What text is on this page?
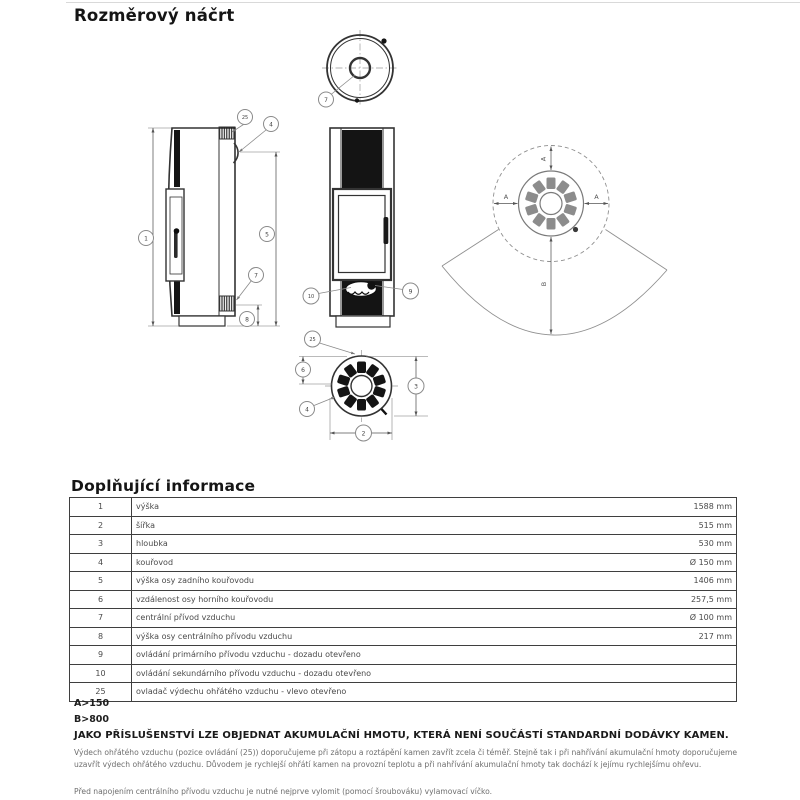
Rozměrový náčrt
7
1
5
25
4
7
8
10
9
3
2
6
25
4
A
A	A
B
Doplňující informace
1	výška	1588 mm
2	šířka	515 mm
3	hloubka	530 mm
4	kouřovod	Ø 150 mm
5	výška osy zadního kouřovodu	1406 mm
6	vzdálenost osy horního kouřovodu	257,5 mm
7	centrální přívod vzduchu	Ø 100 mm
8	výška osy centrálního přívodu vzduchu	217 mm
9	ovládání primárního přívodu vzduchu - dozadu otevřeno	
10	ovládání sekundárního přívodu vzduchu - dozadu otevřeno	
25	ovladač výdechu ohřátého vzduchu - vlevo otevřeno	
A>150
B>800
JAKO PŘÍSLUŠENSTVÍ LZE OBJEDNAT AKUMULAČNÍ HMOTU, KTERÁ NENÍ SOUČÁSTÍ STANDARDNÍ DODÁVKY KAMEN.
Výdech ohřátého vzduchu (pozice ovládání (25)) doporučujeme při zátopu a roztápění kamen zavřít zcela či téměř. Stejně tak i při nahřívání akumulační hmoty doporučujeme uzavřít výdech ohřátého vzduchu. Důvodem je rychlejší ohřátí kamen na provozní teplotu a při nahřívání akumulační hmoty tak dochází k jejímu rychlejšímu ohřevu.
Před napojením centrálního přívodu vzduchu je nutné nejprve vylomit (pomocí šroubováku) vylamovací víčko.
